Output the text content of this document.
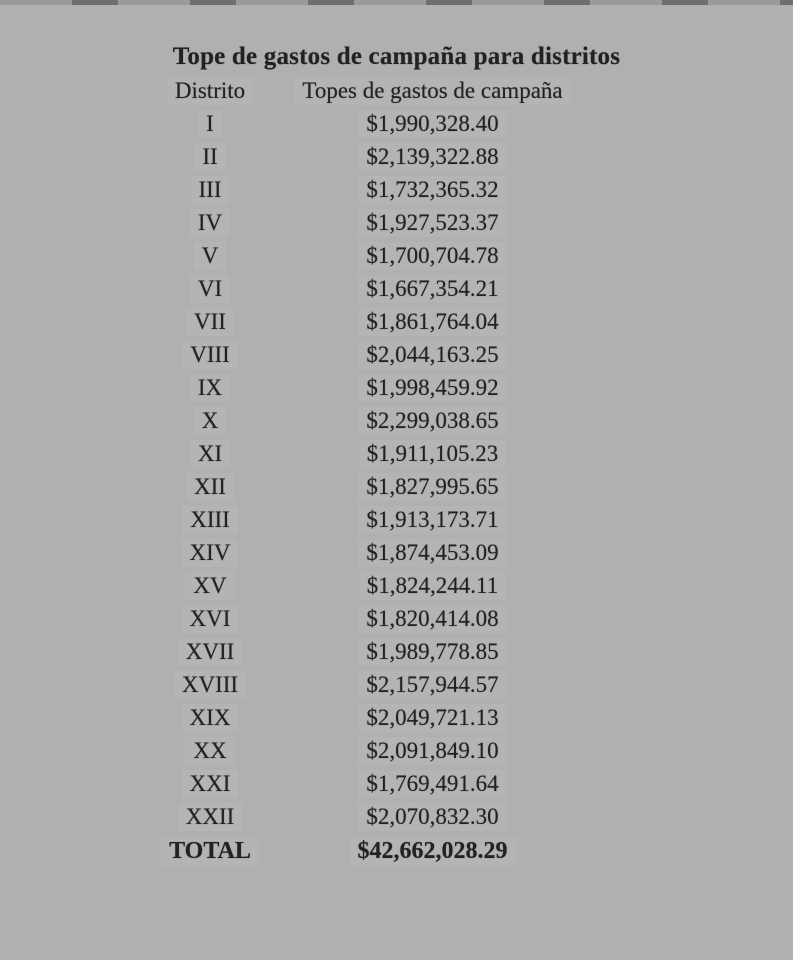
Tope de gastos de campaña para distritos
Distrito	Topes de gastos de campaña
I	$1,990,328.40
II	$2,139,322.88
III	$1,732,365.32
IV	$1,927,523.37
V	$1,700,704.78
VI	$1,667,354.21
VII	$1,861,764.04
VIII	$2,044,163.25
IX	$1,998,459.92
X	$2,299,038.65
XI	$1,911,105.23
XII	$1,827,995.65
XIII	$1,913,173.71
XIV	$1,874,453.09
XV	$1,824,244.11
XVI	$1,820,414.08
XVII	$1,989,778.85
XVIII	$2,157,944.57
XIX	$2,049,721.13
XX	$2,091,849.10
XXI	$1,769,491.64
XXII	$2,070,832.30
TOTAL	$42,662,028.29
